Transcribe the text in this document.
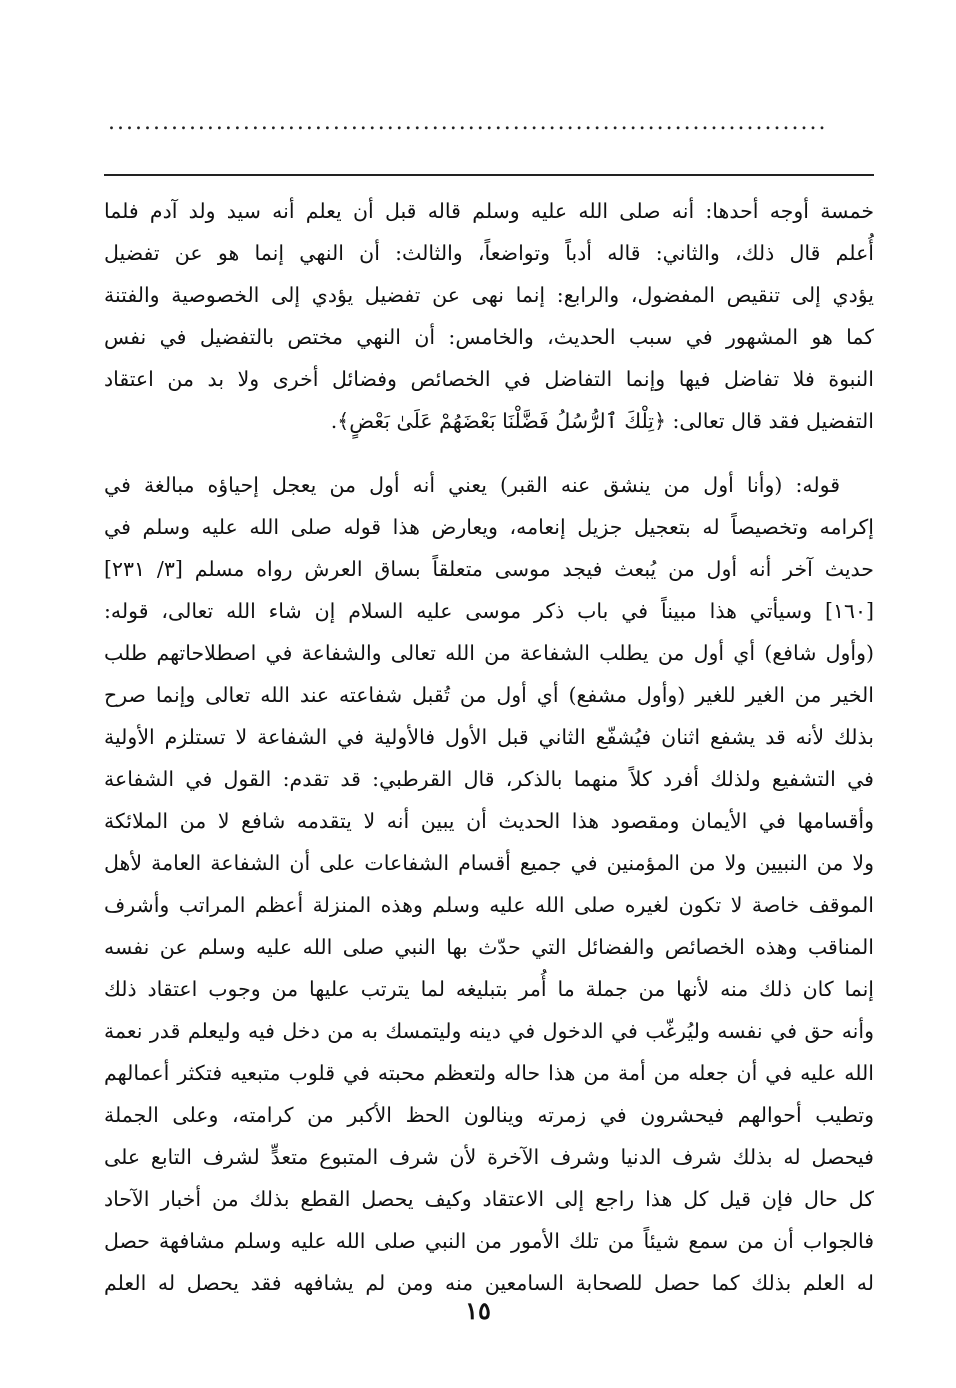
................................................................................
خمسة أوجه أحدها: أنه صلى الله عليه وسلم قاله قبل أن يعلم أنه سيد ولد آدم فلما
أُعلم قال ذلك، والثاني: قاله أدباً وتواضعاً، والثالث: أن النهي إنما هو عن تفضيل
يؤدي إلى تنقيص المفضول، والرابع: إنما نهى عن تفضيل يؤدي إلى الخصوصية والفتنة
كما هو المشهور في سبب الحديث، والخامس: أن النهي مختص بالتفضيل في نفس
النبوة فلا تفاضل فيها وإنما التفاضل في الخصائص وفضائل أخرى ولا بد من اعتقاد
التفضيل فقد قال تعالى: ﴿تِلْكَ ٱلرُّسُلُ فَضَّلْنَا بَعْضَهُمْ عَلَىٰ بَعْضٍ﴾.
قوله: (وأنا أول من ينشق عنه القبر) يعني أنه أول من يعجل إحياؤه مبالغة في
إكرامه وتخصيصاً له بتعجيل جزيل إنعامه، ويعارض هذا قوله صلى الله عليه وسلم في
حديث آخر أنه أول من يُبعث فيجد موسى متعلقاً بساق العرش رواه مسلم [٣/ ٢٣١]
[١٦٠] وسيأتي هذا مبيناً في باب ذكر موسى عليه السلام إن شاء الله تعالى، قوله:
(وأول شافع) أي أول من يطلب الشفاعة من الله تعالى والشفاعة في اصطلاحاتهم طلب
الخير من الغير للغير (وأول مشفع) أي أول من تُقبل شفاعته عند الله تعالى وإنما صرح
بذلك لأنه قد يشفع اثنان فيُشفّع الثاني قبل الأول فالأولية في الشفاعة لا تستلزم الأولية
في التشفيع ولذلك أفرد كلاً منهما بالذكر، قال القرطبي: قد تقدم: القول في الشفاعة
وأقسامها في الأيمان ومقصود هذا الحديث أن يبين أنه لا يتقدمه شافع لا من الملائكة
ولا من النبيين ولا من المؤمنين في جميع أقسام الشفاعات على أن الشفاعة العامة لأهل
الموقف خاصة لا تكون لغيره صلى الله عليه وسلم وهذه المنزلة أعظم المراتب وأشرف
المناقب وهذه الخصائص والفضائل التي حدّث بها النبي صلى الله عليه وسلم عن نفسه
إنما كان ذلك منه لأنها من جملة ما أُمر بتبليغه لما يترتب عليها من وجوب اعتقاد ذلك
وأنه حق في نفسه وليُرغّب في الدخول في دينه وليتمسك به من دخل فيه وليعلم قدر نعمة
الله عليه في أن جعله من أمة من هذا حاله ولتعظم محبته في قلوب متبعيه فتكثر أعمالهم
وتطيب أحوالهم فيحشرون في زمرته وينالون الحظ الأكبر من كرامته، وعلى الجملة
فيحصل له بذلك شرف الدنيا وشرف الآخرة لأن شرف المتبوع متعدٍّ لشرف التابع على
كل حال فإن قيل كل هذا راجع إلى الاعتقاد وكيف يحصل القطع بذلك من أخبار الآحاد
فالجواب أن من سمع شيئاً من تلك الأمور من النبي صلى الله عليه وسلم مشافهة حصل
له العلم بذلك كما حصل للصحابة السامعين منه ومن لم يشافهه فقد يحصل له العلم
١٥
